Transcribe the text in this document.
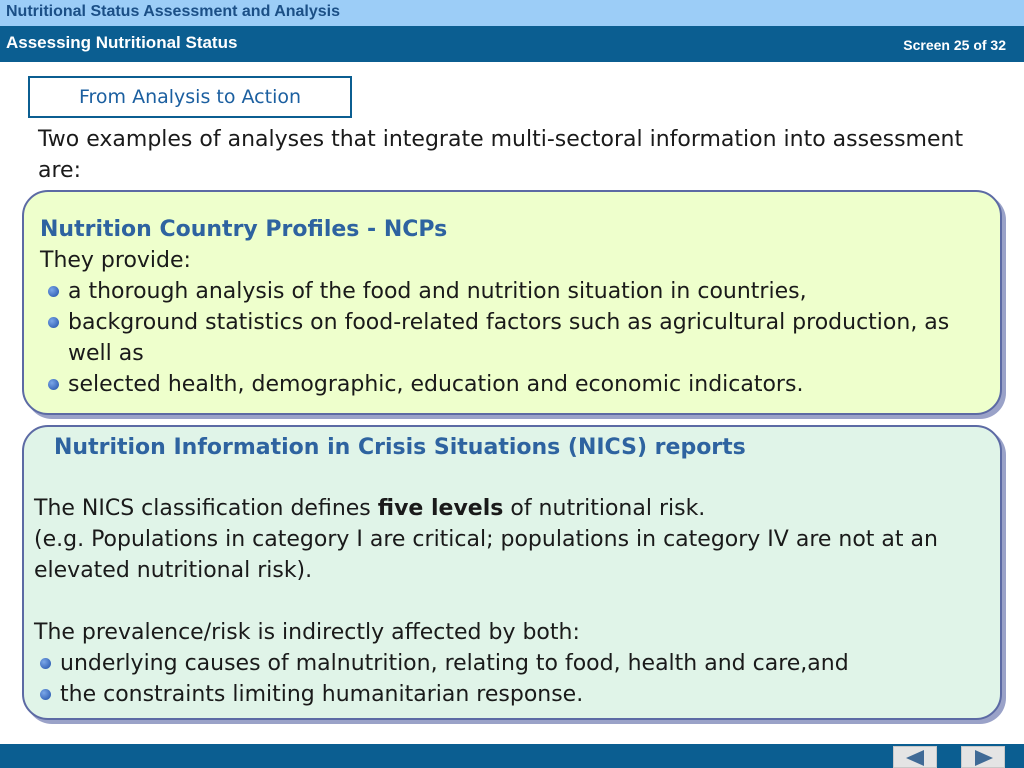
Nutritional Status Assessment and Analysis
Assessing Nutritional Status	Screen 25 of 32
From Analysis to Action
Two examples of analyses that integrate multi-sectoral information into assessment are:
Nutrition Country Profiles - NCPs
They provide:
a thorough analysis of the food and nutrition situation in countries,
background statistics on food-related factors such as agricultural production, as well as
selected health, demographic, education and economic indicators.
Nutrition Information in Crisis Situations (NICS) reports
The NICS classification defines five levels of nutritional risk.
(e.g. Populations in category I are critical; populations in category IV are not at an elevated nutritional risk).
The prevalence/risk is indirectly affected by both:
underlying causes of malnutrition, relating to food, health and care,and
the constraints limiting humanitarian response.
